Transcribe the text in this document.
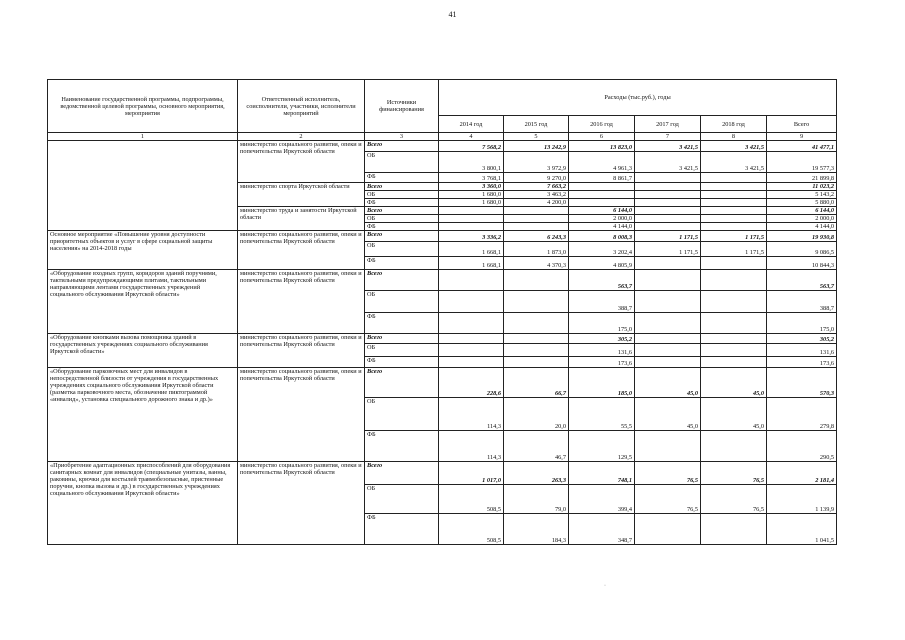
41
Наименование государственной программы, подпрограммы, ведомственной целевой программы, основного мероприятия, мероприятия	Ответственный исполнитель, соисполнители, участники, исполнители мероприятий	Источники финансирования	Расходы (тыс.руб.), годы					
			2014 год	2015 год	2016 год	2017 год	2018 год	Всего
1	2	3	4	5	6	7	8	9
	министерство социального развития, опеки и попечительства Иркутской области	Всего	7 568,2	13 242,9	13 823,0	3 421,5	3 421,5	41 477,1
		ОБ	3 800,1	3 972,9	4 961,3	3 421,5	3 421,5	19 577,3
		ФБ	3 768,1	9 270,0	8 861,7			21 899,8
	министерство спорта Иркутской области	Всего	3 360,0	7 663,2				11 023,2
		ОБ	1 680,0	3 463,2				5 143,2
		ФБ	1 680,0	4 200,0				5 880,0
	министерство труда и занятости Иркутской области	Всего			6 144,0			6 144,0
		ОБ			2 000,0			2 000,0
		ФБ			4 144,0			4 144,0
Основное мероприятие «Повышение уровня доступности приоритетных объектов и услуг в сфере социальной защиты населения» на 2014-2018 годы	министерство социального развития, опеки и попечительства Иркутской области	Всего	3 336,2	6 243,3	8 008,3	1 171,5	1 171,5	19 930,8
		ОБ	1 668,1	1 873,0	3 202,4	1 171,5	1 171,5	9 086,5
		ФБ	1 668,1	4 370,3	4 805,9			10 844,3
«Оборудование входных групп, коридоров зданий поручнями, тактильными предупреждающими плитами, тактильными направляющими лентами государственных учреждений социального обслуживания Иркутской области»	министерство социального развития, опеки и попечительства Иркутской области	Всего			563,7			563,7
		ОБ			388,7			388,7
		ФБ			175,0			175,0
«Оборудование кнопками вызова помощника зданий в государственных учреждениях социального обслуживания Иркутской области»	министерство социального развития, опеки и попечительства Иркутской области	Всего			305,2			305,2
		ОБ			131,6			131,6
		ФБ			173,6			173,6
«Оборудование парковочных мест для инвалидов в непосредственной близости от учреждения в государственных учреждениях социального обслуживания Иркутской области (разметка парковочного места, обозначение пиктограммой «инвалид», установка специального дорожного знака и др.)»	министерство социального развития, опеки и попечительства Иркутской области	Всего	228,6	66,7	185,0	45,0	45,0	570,3
		ОБ	114,3	20,0	55,5	45,0	45,0	279,8
		ФБ	114,3	46,7	129,5			290,5
«Приобретение адаптационных приспособлений для оборудования санитарных комнат для инвалидов (специальные унитазы, ванны, раковины, крючки для костылей травмобезопасные, пристенные поручни, кнопка вызова и др.) в государственных учреждениях социального обслуживания Иркутской области»	министерство социального развития, опеки и попечительства Иркутской области	Всего	1 017,0	263,3	748,1	76,5	76,5	2 181,4
		ОБ	508,5	79,0	399,4	76,5	76,5	1 139,9
		ФБ	508,5	184,3	348,7			1 041,5
·
